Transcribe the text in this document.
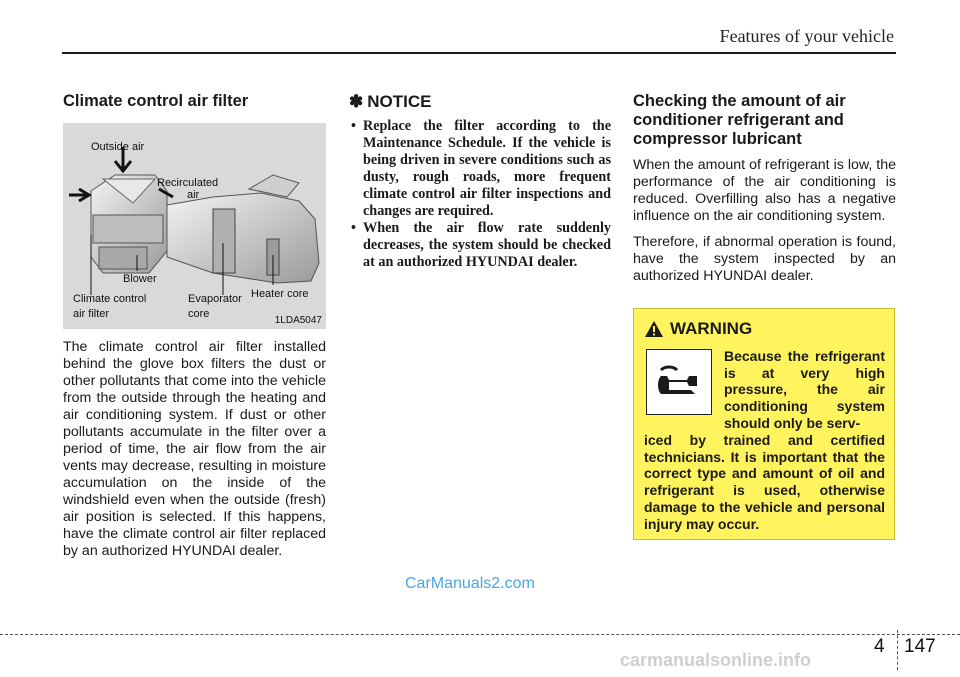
Features of your vehicle
Climate control air filter
Outside air
Recirculated
air
Blower
Climate control
air filter
Evaporator
core
Heater core
1LDA5047

The climate control air filter installed behind the glove box filters the dust or other pollutants that come into the vehicle from the outside through the heating and air conditioning system. If dust or other pollutants accumulate in the filter over a period of time, the air flow from the air vents may decrease, resulting in moisture accumulation on the inside of the windshield even when the outside (fresh) air position is selected. If this happens, have the climate control air filter replaced by an authorized HYUNDAI dealer.

✽ NOTICE
• Replace the filter according to the Maintenance Schedule. If the vehicle is being driven in severe conditions such as dusty, rough roads, more frequent climate control air filter inspections and changes are required.
• When the air flow rate suddenly decreases, the system should be checked at an authorized HYUNDAI dealer.
Checking the amount of air conditioner refrigerant and compressor lubricant

When the amount of refrigerant is low, the performance of the air conditioning is reduced. Overfilling also has a negative influence on the air conditioning system.

Therefore, if abnormal operation is found, have the system inspected by an authorized HYUNDAI dealer.

WARNING
Because the refrigerant is at very high pressure, the air conditioning system should only be serv-
iced by trained and certified technicians. It is important that the correct type and amount of oil and refrigerant is used, otherwise damage to the vehicle and personal injury may occur.
CarManuals2.com
4 147
carmanualsonline.info
